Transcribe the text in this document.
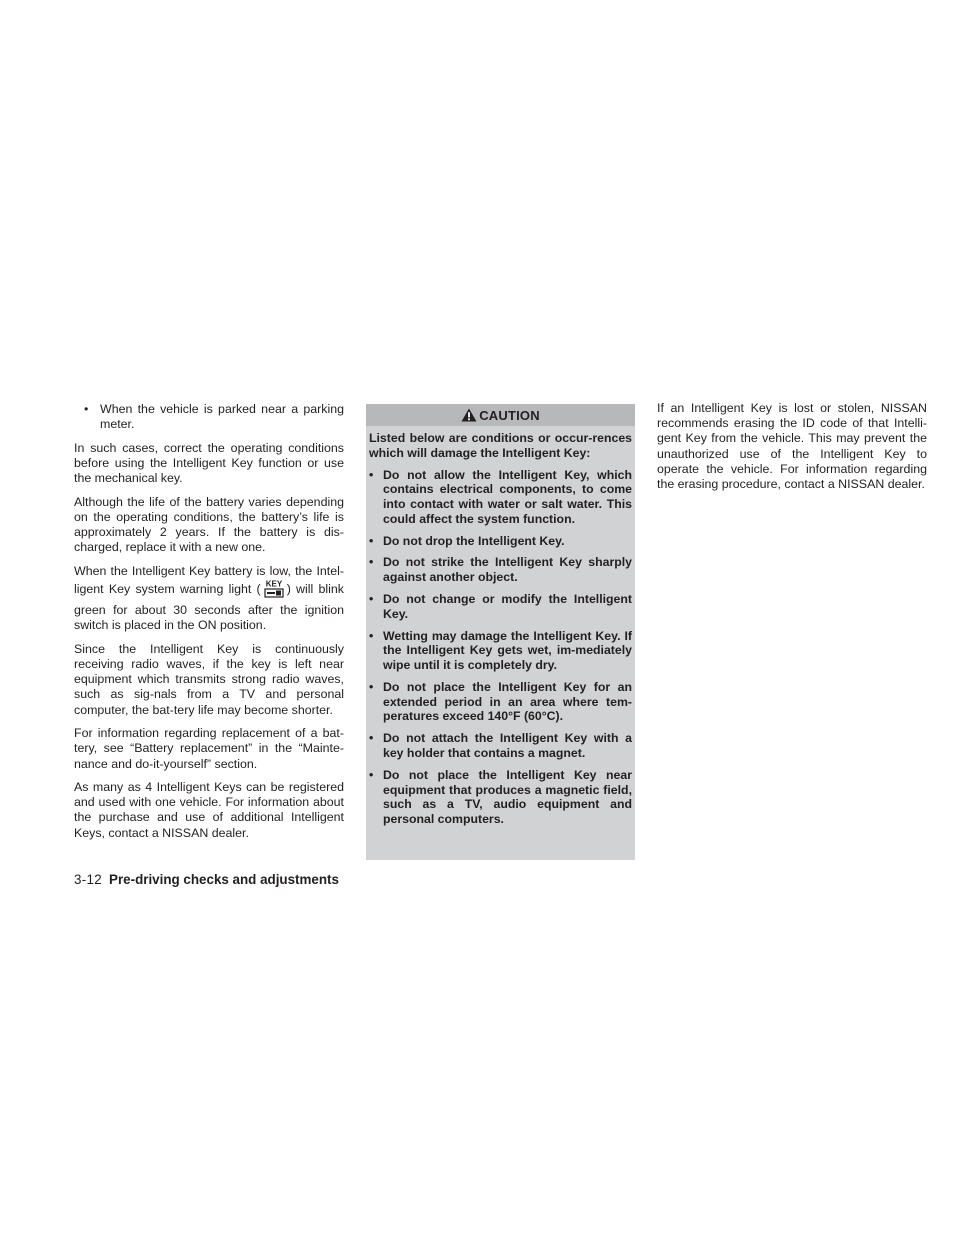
• When the vehicle is parked near a parking meter.

In such cases, correct the operating conditions before using the Intelligent Key function or use the mechanical key.

Although the life of the battery varies depending on the operating conditions, the battery’s life is approximately 2 years. If the battery is dis-charged, replace it with a new one.

When the Intelligent Key battery is low, the Intel-ligent Key system warning light ( KEY ) will blink green for about 30 seconds after the ignition switch is placed in the ON position.

Since the Intelligent Key is continuously receiving radio waves, if the key is left near equipment which transmits strong radio waves, such as sig-nals from a TV and personal computer, the bat-tery life may become shorter.

For information regarding replacement of a bat-tery, see “Battery replacement” in the “Mainte-nance and do-it-yourself” section.

As many as 4 Intelligent Keys can be registered and used with one vehicle. For information about the purchase and use of additional Intelligent Keys, contact a NISSAN dealer.

CAUTION

Listed below are conditions or occur-rences which will damage the Intelligent Key:

• Do not allow the Intelligent Key, which contains electrical components, to come into contact with water or salt water. This could affect the system function.
• Do not drop the Intelligent Key.
• Do not strike the Intelligent Key sharply against another object.
• Do not change or modify the Intelligent Key.
• Wetting may damage the Intelligent Key. If the Intelligent Key gets wet, im-mediately wipe until it is completely dry.
• Do not place the Intelligent Key for an extended period in an area where tem-peratures exceed 140°F (60°C).
• Do not attach the Intelligent Key with a key holder that contains a magnet.
• Do not place the Intelligent Key near equipment that produces a magnetic field, such as a TV, audio equipment and personal computers.

If an Intelligent Key is lost or stolen, NISSAN recommends erasing the ID code of that Intelli-gent Key from the vehicle. This may prevent the unauthorized use of the Intelligent Key to operate the vehicle. For information regarding the erasing procedure, contact a NISSAN dealer.

3-12 Pre-driving checks and adjustments
